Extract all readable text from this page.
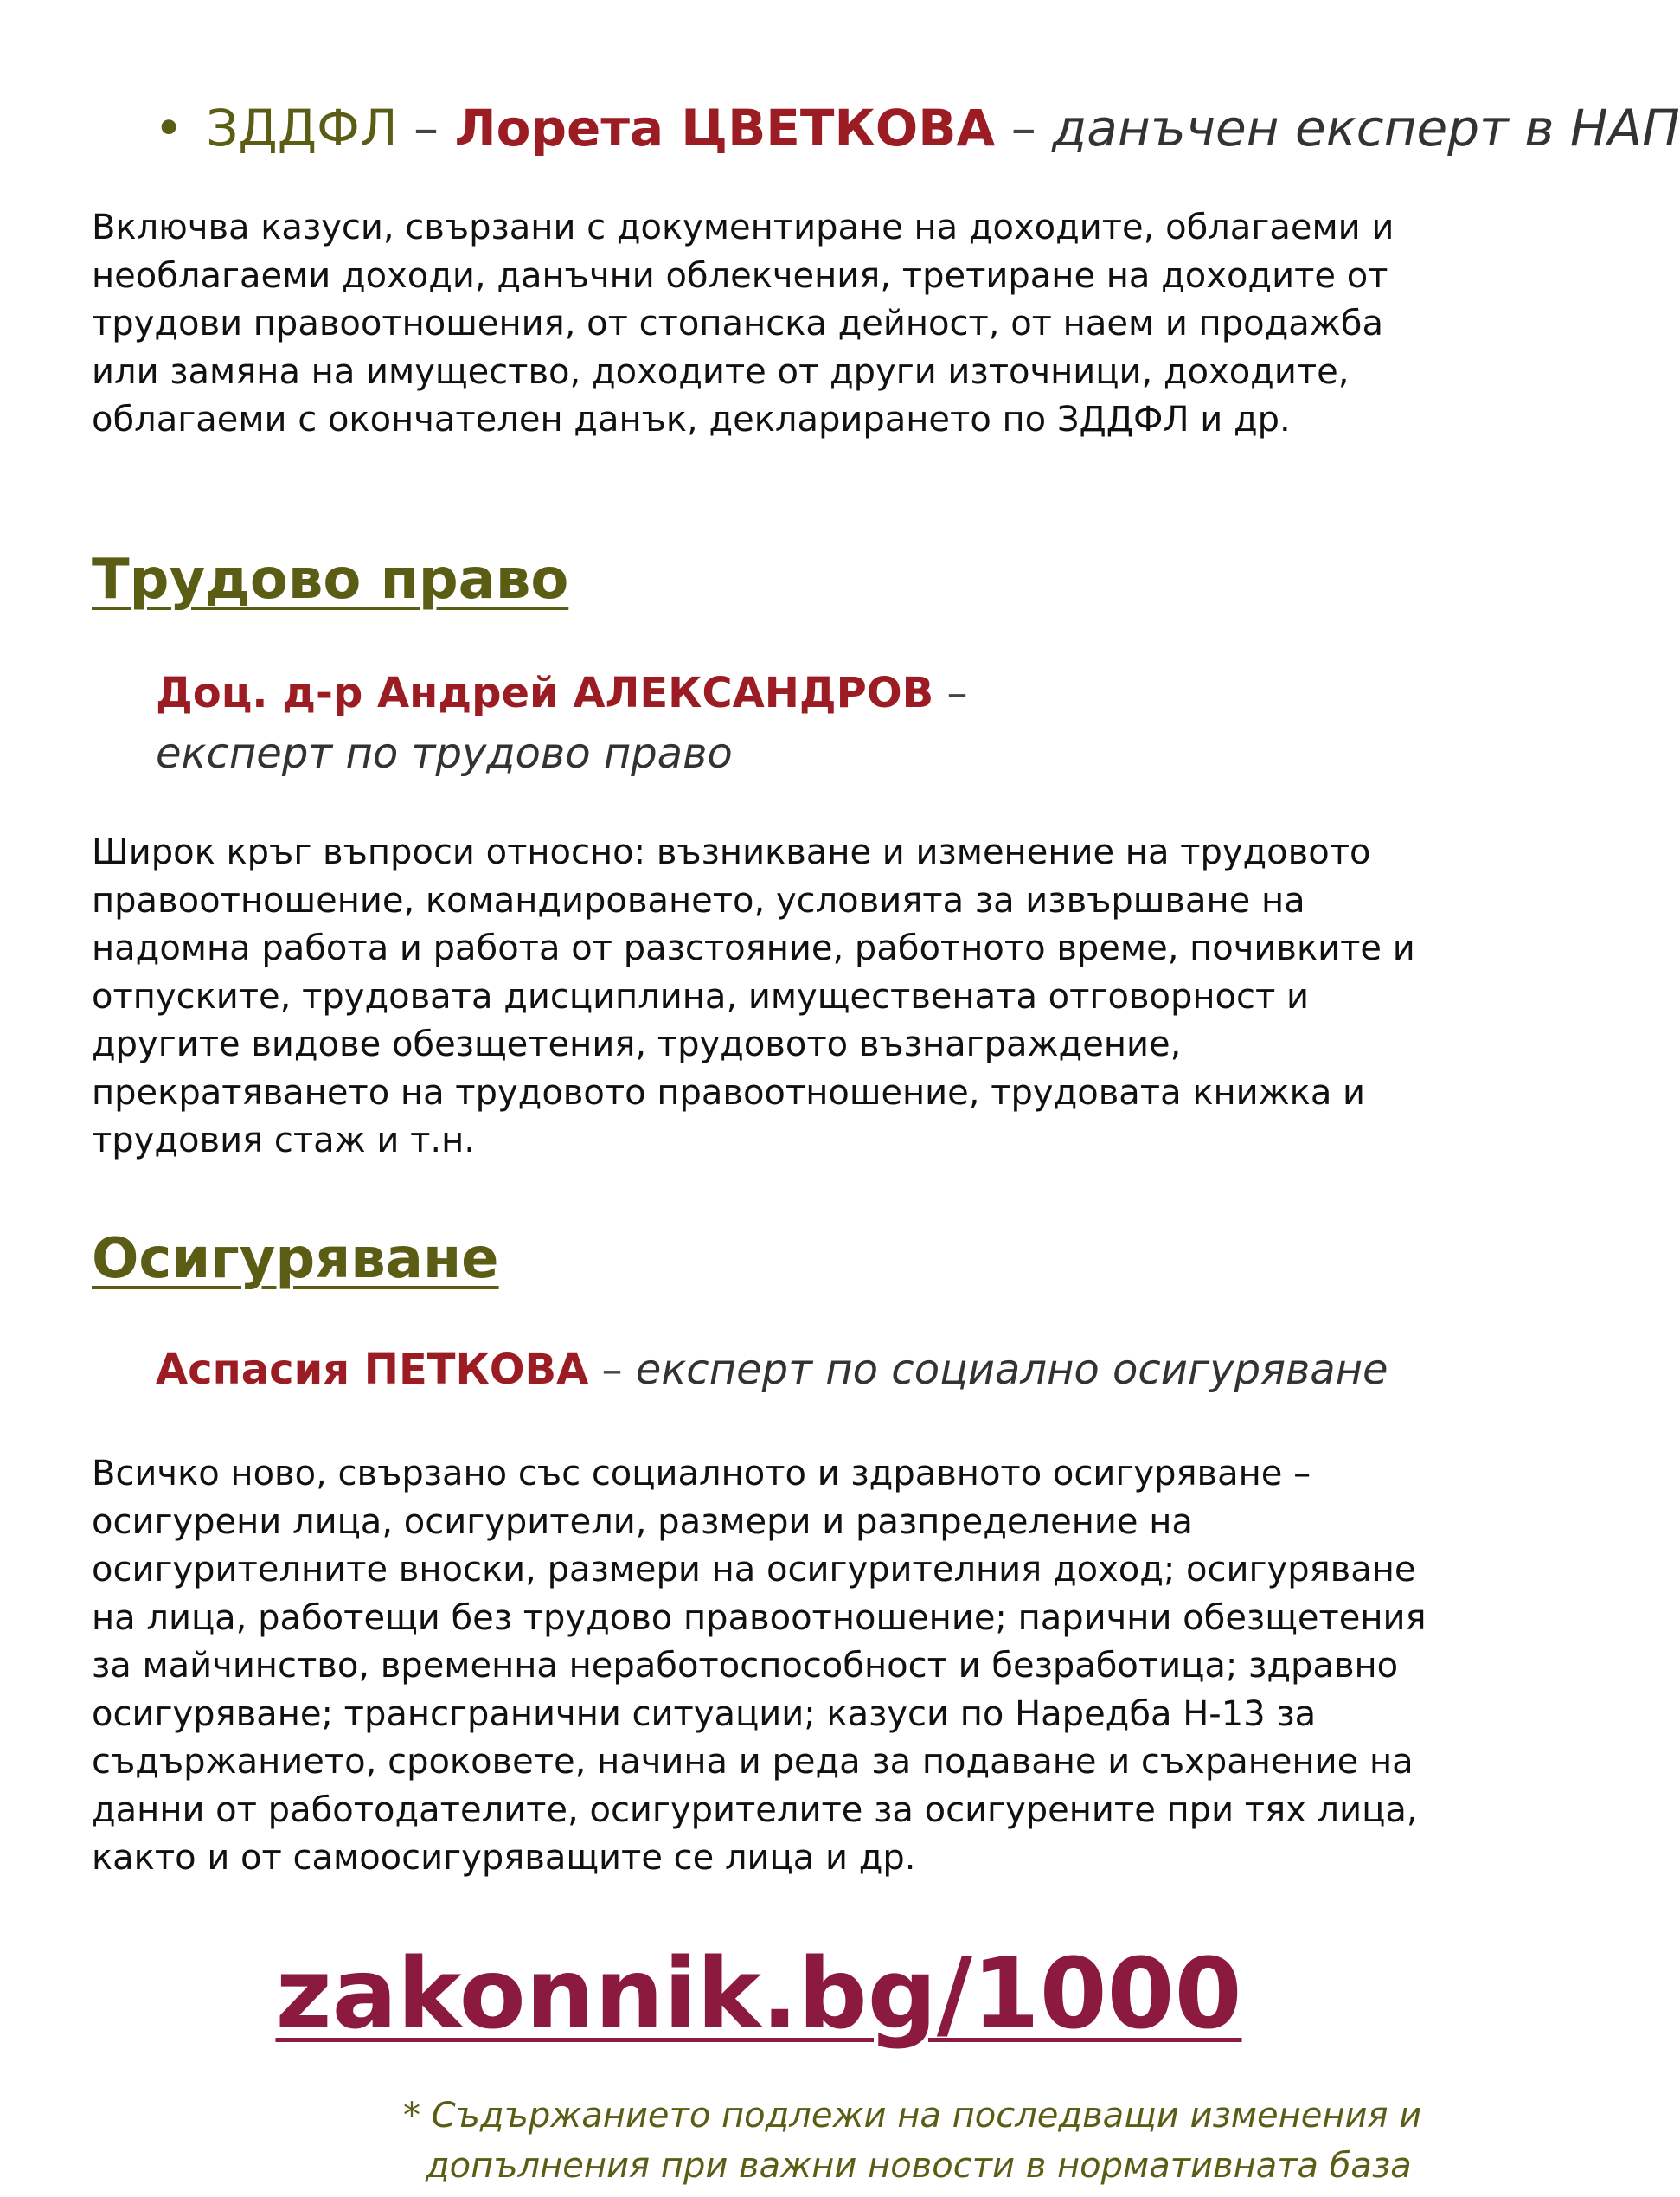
• ЗДДФЛ – Лорета ЦВЕТКОВА – данъчен експерт в НАП

Включва казуси, свързани с документиране на доходите, облагаеми и необлагаеми доходи, данъчни облекчения, третиране на доходите от трудови правоотношения, от стопанска дейност, от наем и продажба или замяна на имущество, доходите от други източници, доходите, облагаеми с окончателен данък, декларирането по ЗДДФЛ и др.

Трудово право
Доц. д-р Андрей АЛЕКСАНДРОВ –
експерт по трудово право

Широк кръг въпроси относно: възникване и изменение на трудовото правоотношение, командироването, условията за извършване на надомна работа и работа от разстояние, работното време, почивките и отпуските, трудовата дисциплина, имуществената отговорност и другите видове обезщетения, трудовото възнаграждение, прекратяването на трудовото правоотношение, трудовата книжка и трудовия стаж и т.н.

Осигуряване
Аспасия ПЕТКОВА – експерт по социално осигуряване

Всичко ново, свързано със социалното и здравното осигуряване – осигурени лица, осигурители, размери и разпределение на осигурителните вноски, размери на осигурителния доход; осигуряване на лица, работещи без трудово правоотношение; парични обезщетения за майчинство, временна неработоспособност и безработица; здравно осигуряване; трансгранични ситуации; казуси по Наредба Н-13 за съдържанието, сроковете, начина и реда за подаване и съхранение на данни от работодателите, осигурителите за осигурените при тях лица, както и от самоосигуряващите се лица и др.

zakonnik.bg/1000
* Съдържанието подлежи на последващи изменения и
допълнения при важни новости в нормативната база
